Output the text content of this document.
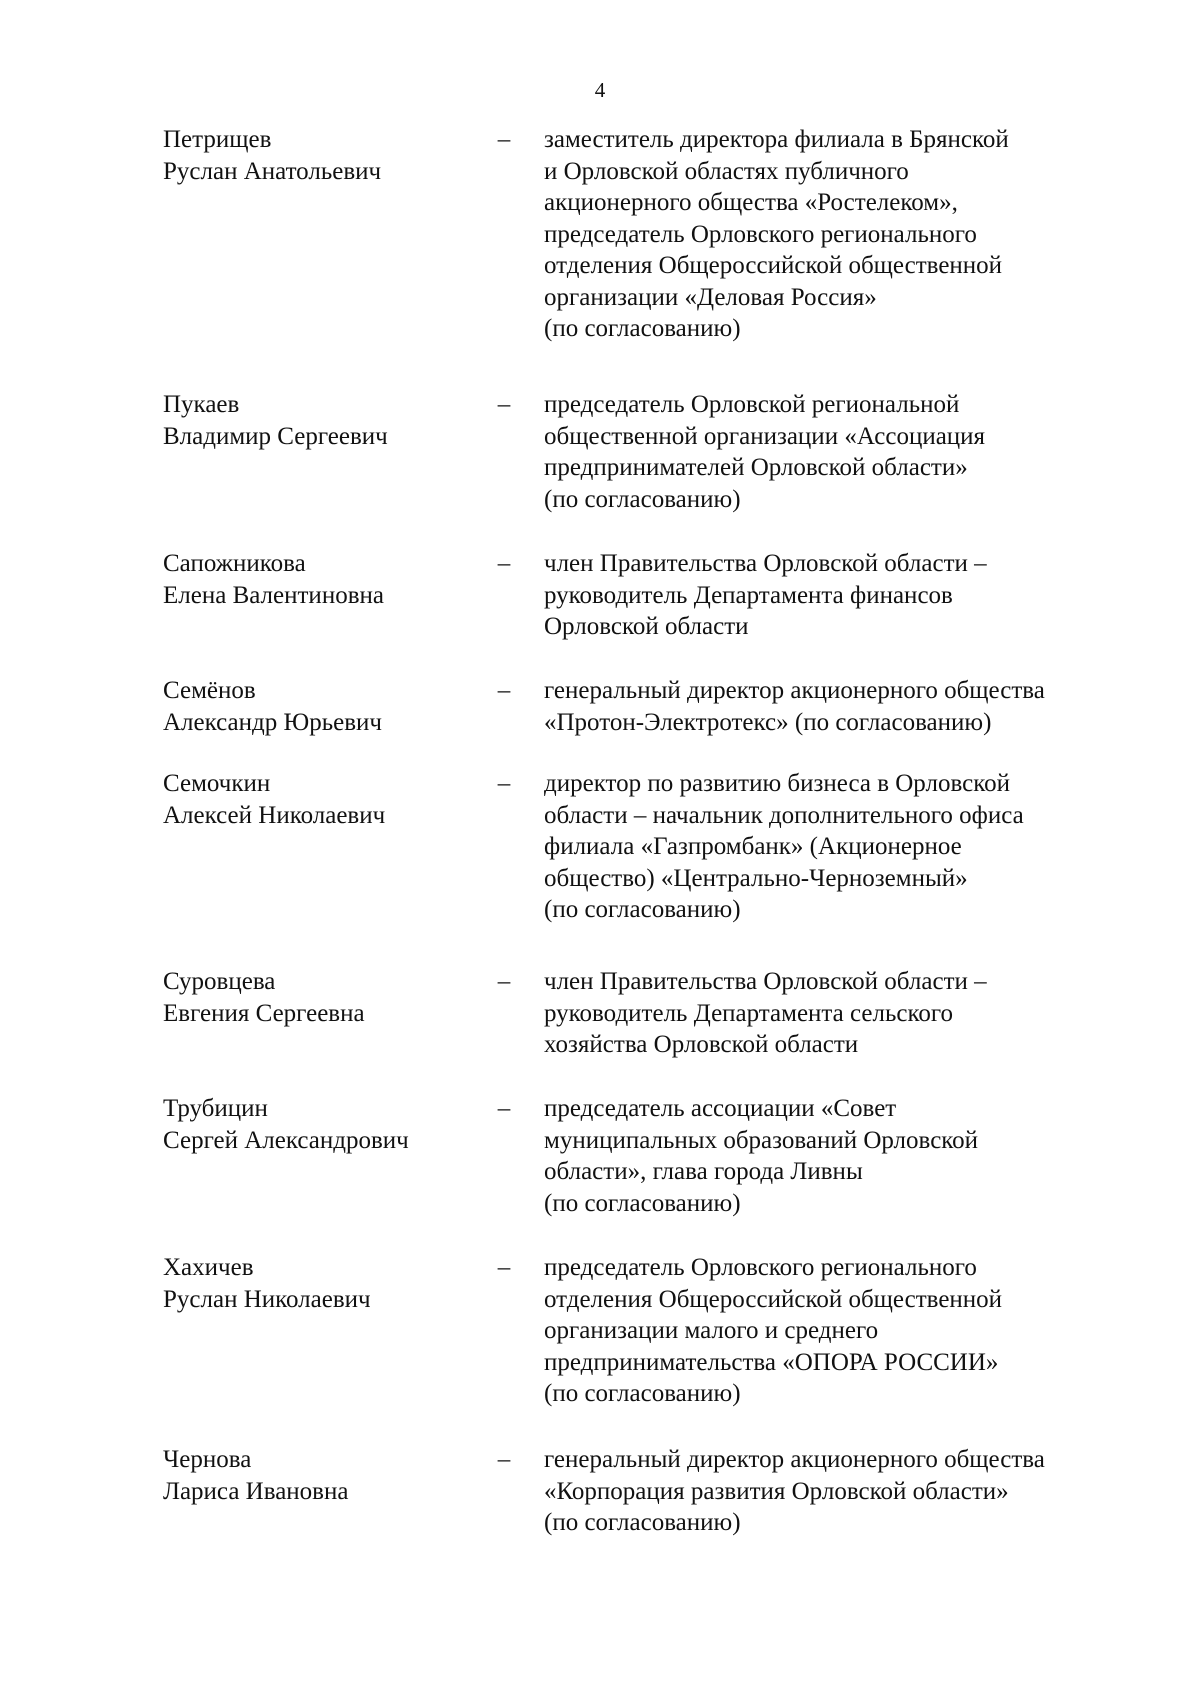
4
Петрищев
Руслан Анатольевич
– заместитель директора филиала в Брянской
и Орловской областях публичного
акционерного общества «Ростелеком»,
председатель Орловского регионального
отделения Общероссийской общественной
организации «Деловая Россия»
(по согласованию)
Пукаев
Владимир Сергеевич
– председатель Орловской региональной
общественной организации «Ассоциация
предпринимателей Орловской области»
(по согласованию)
Сапожникова
Елена Валентиновна
– член Правительства Орловской области –
руководитель Департамента финансов
Орловской области
Семёнов
Александр Юрьевич
– генеральный директор акционерного общества
«Протон-Электротекс» (по согласованию)
Семочкин
Алексей Николаевич
– директор по развитию бизнеса в Орловской
области – начальник дополнительного офиса
филиала «Газпромбанк» (Акционерное
общество) «Центрально-Черноземный»
(по согласованию)
Суровцева
Евгения Сергеевна
– член Правительства Орловской области –
руководитель Департамента сельского
хозяйства Орловской области
Трубицин
Сергей Александрович
– председатель ассоциации «Совет
муниципальных образований Орловской
области», глава города Ливны
(по согласованию)
Хахичев
Руслан Николаевич
– председатель Орловского регионального
отделения Общероссийской общественной
организации малого и среднего
предпринимательства «ОПОРА РОССИИ»
(по согласованию)
Чернова
Лариса Ивановна
– генеральный директор акционерного общества
«Корпорация развития Орловской области»
(по согласованию)
